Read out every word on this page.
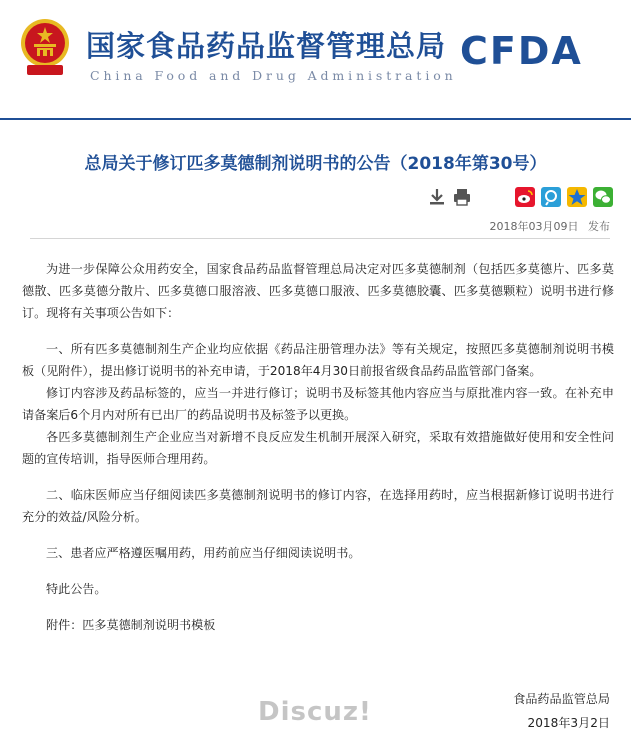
国家食品药品监督管理总局
China Food and Drug Administration
CFDA
总局关于修订匹多莫德制剂说明书的公告（2018年第30号）
2018年03月09日 发布

为进一步保障公众用药安全，国家食品药品监督管理总局决定对匹多莫德制剂（包括匹多莫德片、匹多莫德散、匹多莫德分散片、匹多莫德口服溶液、匹多莫德口服液、匹多莫德胶囊、匹多莫德颗粒）说明书进行修订。现将有关事项公告如下：

一、所有匹多莫德制剂生产企业均应依据《药品注册管理办法》等有关规定，按照匹多莫德制剂说明书模板（见附件），提出修订说明书的补充申请，于2018年4月30日前报省级食品药品监管部门备案。

修订内容涉及药品标签的，应当一并进行修订；说明书及标签其他内容应当与原批准内容一致。在补充申请备案后6个月内对所有已出厂的药品说明书及标签予以更换。

各匹多莫德制剂生产企业应当对新增不良反应发生机制开展深入研究，采取有效措施做好使用和安全性问题的宣传培训，指导医师合理用药。

二、临床医师应当仔细阅读匹多莫德制剂说明书的修订内容，在选择用药时，应当根据新修订说明书进行充分的效益/风险分析。

三、患者应严格遵医嘱用药，用药前应当仔细阅读说明书。

特此公告。

附件：匹多莫德制剂说明书模板

食品药品监管总局
2018年3月2日
Discuz!
